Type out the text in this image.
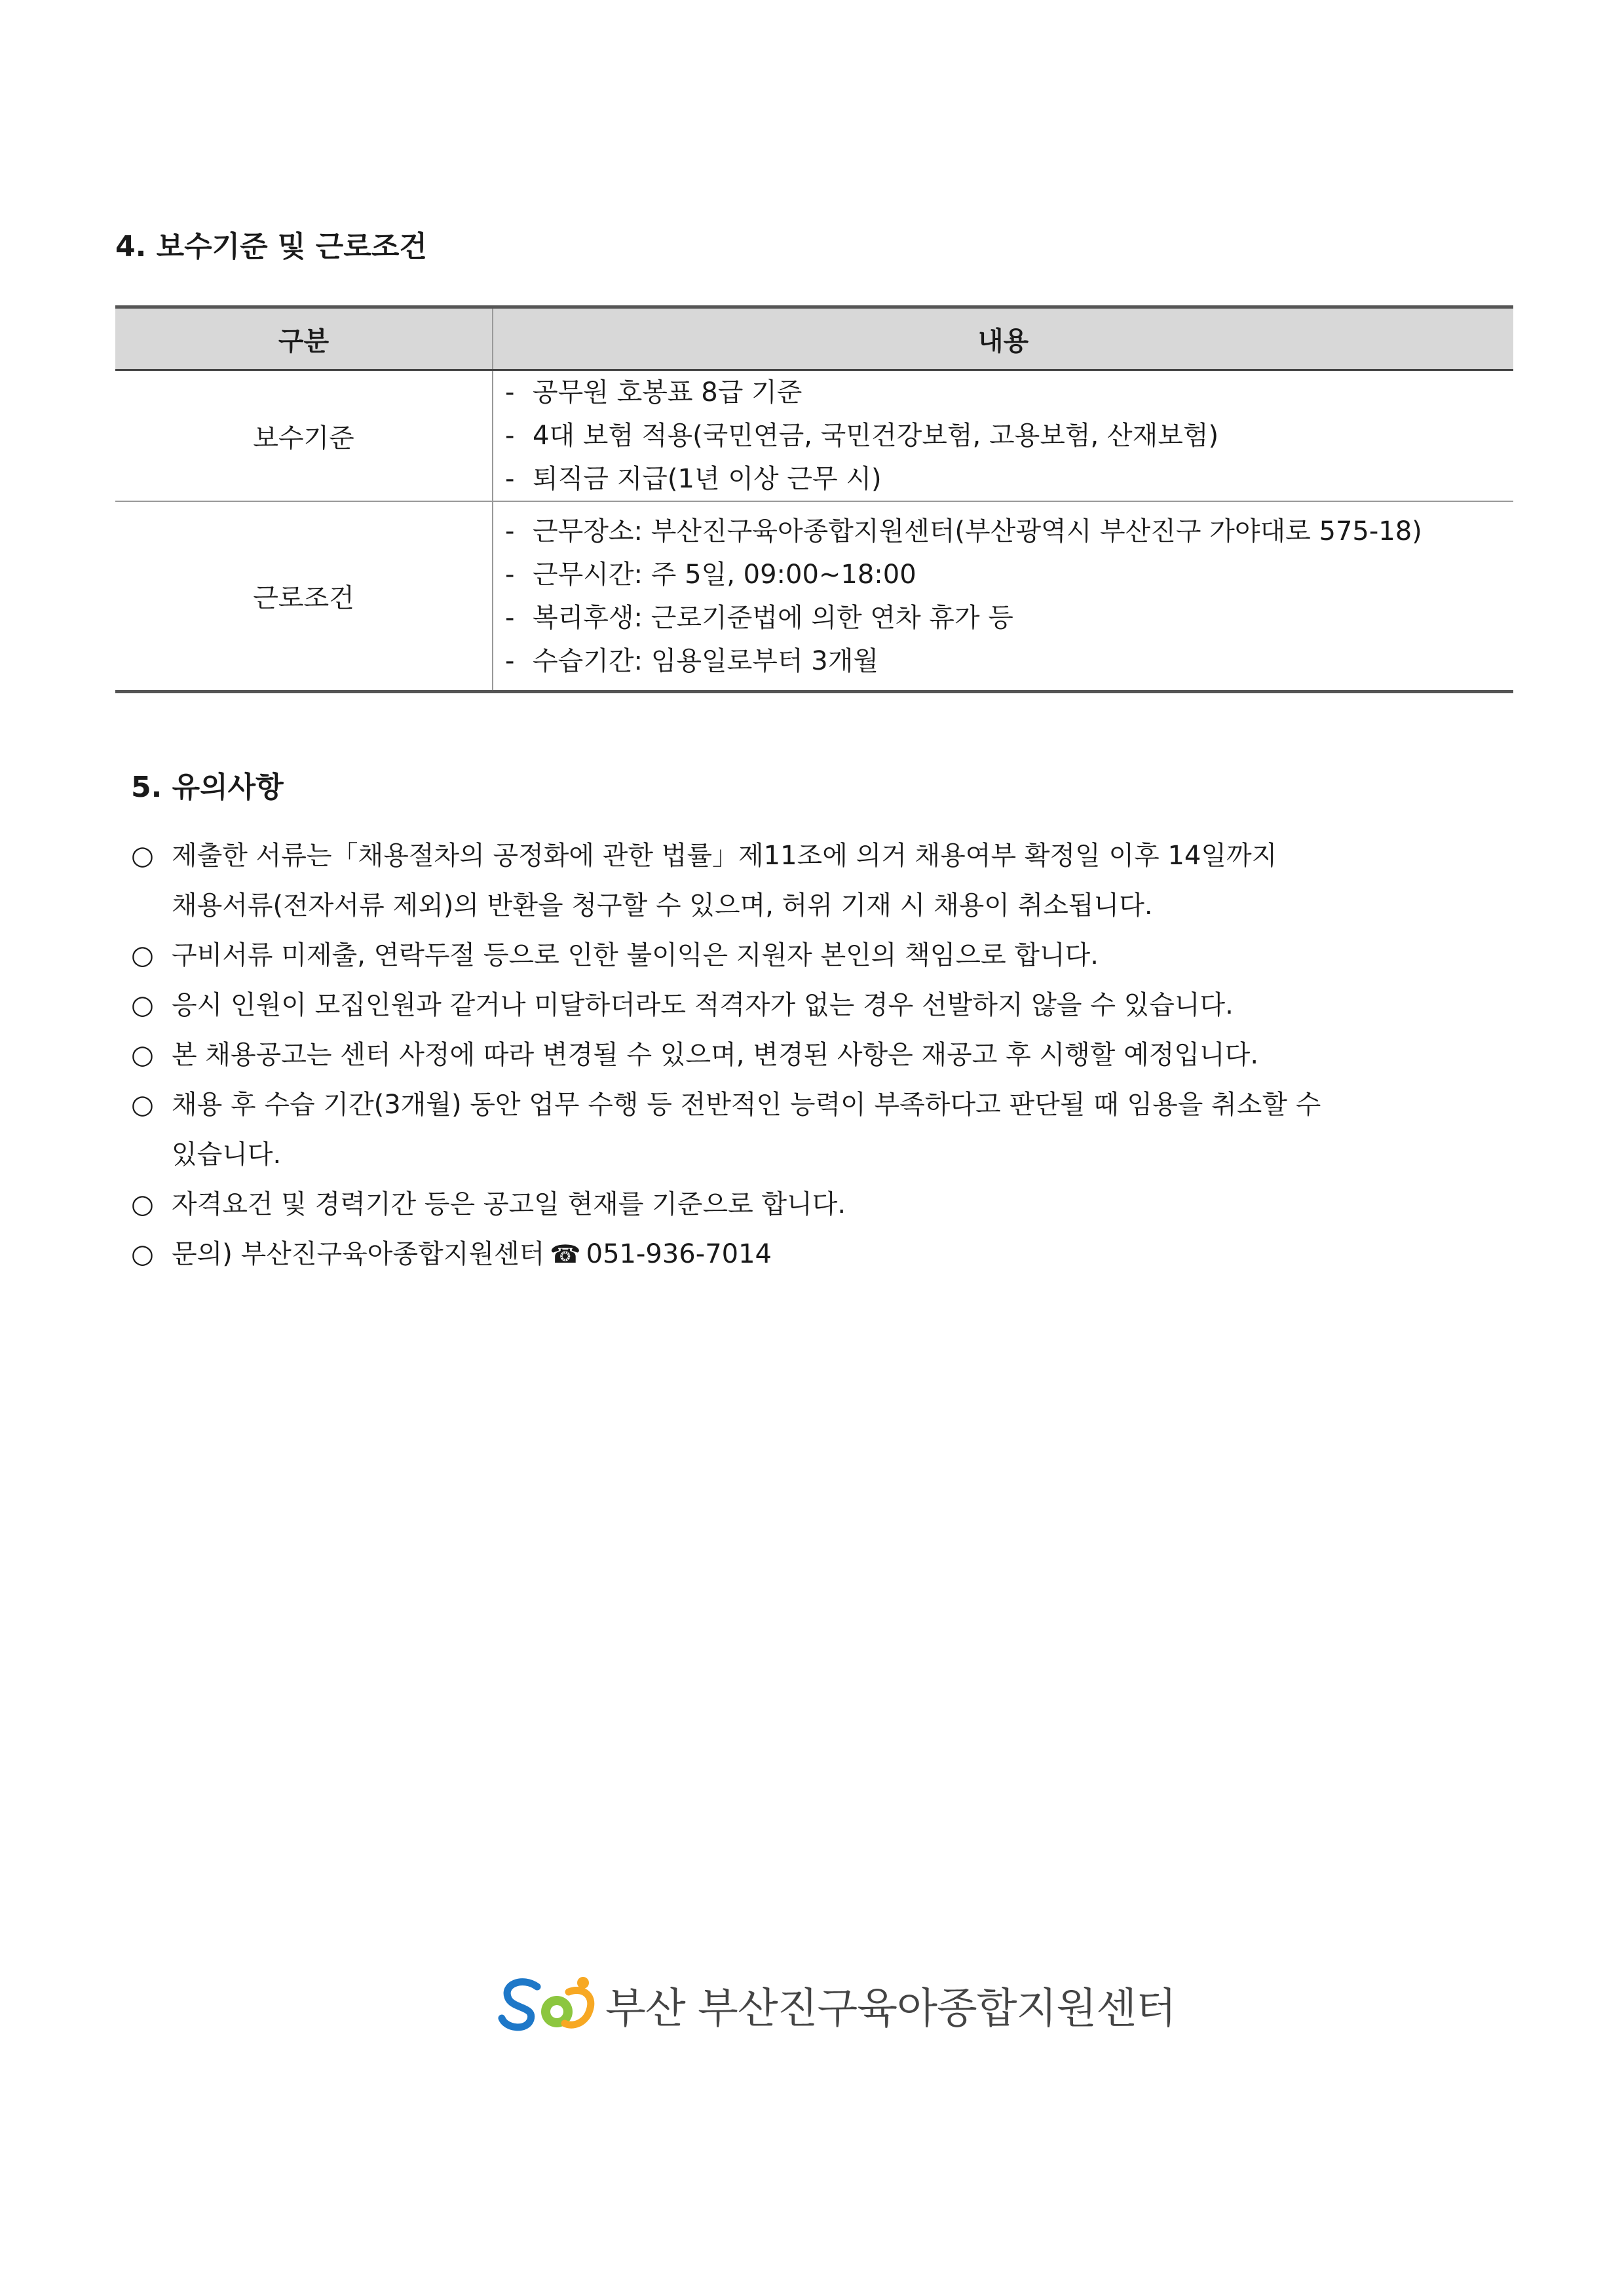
4. 보수기준 및 근로조건
구분	내용
보수기준	- 공무원 호봉표 8급 기준
- 4대 보험 적용(국민연금, 국민건강보험, 고용보험, 산재보험)
- 퇴직금 지급(1년 이상 근무 시)

근로조건	- 근무장소: 부산진구육아종합지원센터(부산광역시 부산진구 가야대로 575-18)
- 근무시간: 주 5일, 09:00~18:00
- 복리후생: 근로기준법에 의한 연차 휴가 등
- 수습기간: 임용일로부터 3개월
5. 유의사항
○ 제출한 서류는「채용절차의 공정화에 관한 법률」제11조에 의거 채용여부 확정일 이후 14일까지
채용서류(전자서류 제외)의 반환을 청구할 수 있으며, 허위 기재 시 채용이 취소됩니다.
○ 구비서류 미제출, 연락두절 등으로 인한 불이익은 지원자 본인의 책임으로 합니다.
○ 응시 인원이 모집인원과 같거나 미달하더라도 적격자가 없는 경우 선발하지 않을 수 있습니다.
○ 본 채용공고는 센터 사정에 따라 변경될 수 있으며, 변경된 사항은 재공고 후 시행할 예정입니다.
○ 채용 후 수습 기간(3개월) 동안 업무 수행 등 전반적인 능력이 부족하다고 판단될 때 임용을 취소할 수
있습니다.
○ 자격요건 및 경력기간 등은 공고일 현재를 기준으로 합니다.
○ 문의) 부산진구육아종합지원센터 ☎ 051-936-7014
부산 부산진구육아종합지원센터
